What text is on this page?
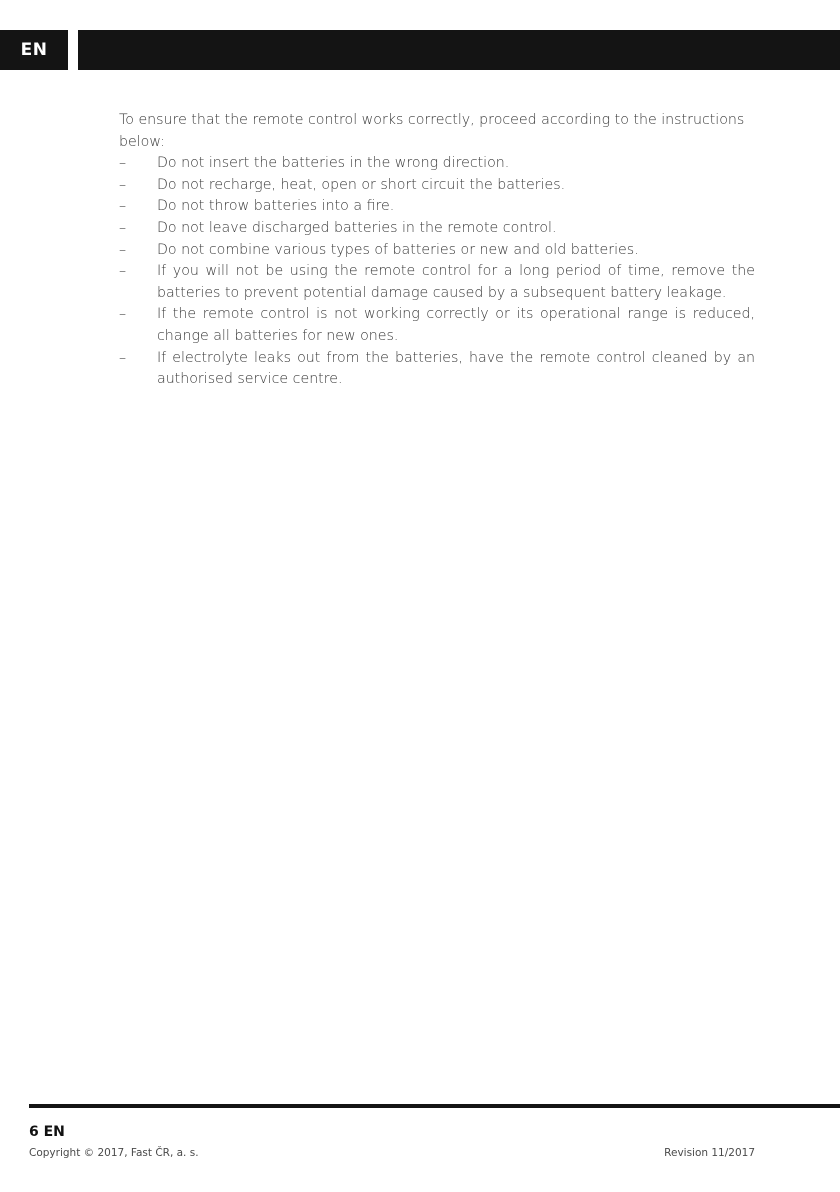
EN

To ensure that the remote control works correctly, proceed according to the instructions below:

– Do not insert the batteries in the wrong direction.
– Do not recharge, heat, open or short circuit the batteries.
– Do not throw batteries into a fire.
– Do not leave discharged batteries in the remote control.
– Do not combine various types of batteries or new and old batteries.
– If you will not be using the remote control for a long period of time, remove the batteries to prevent potential damage caused by a subsequent battery leakage.
– If the remote control is not working correctly or its operational range is reduced, change all batteries for new ones.
– If electrolyte leaks out from the batteries, have the remote control cleaned by an authorised service centre.
6 EN
Copyright © 2017, Fast ČR, a. s.	Revision 11/2017
